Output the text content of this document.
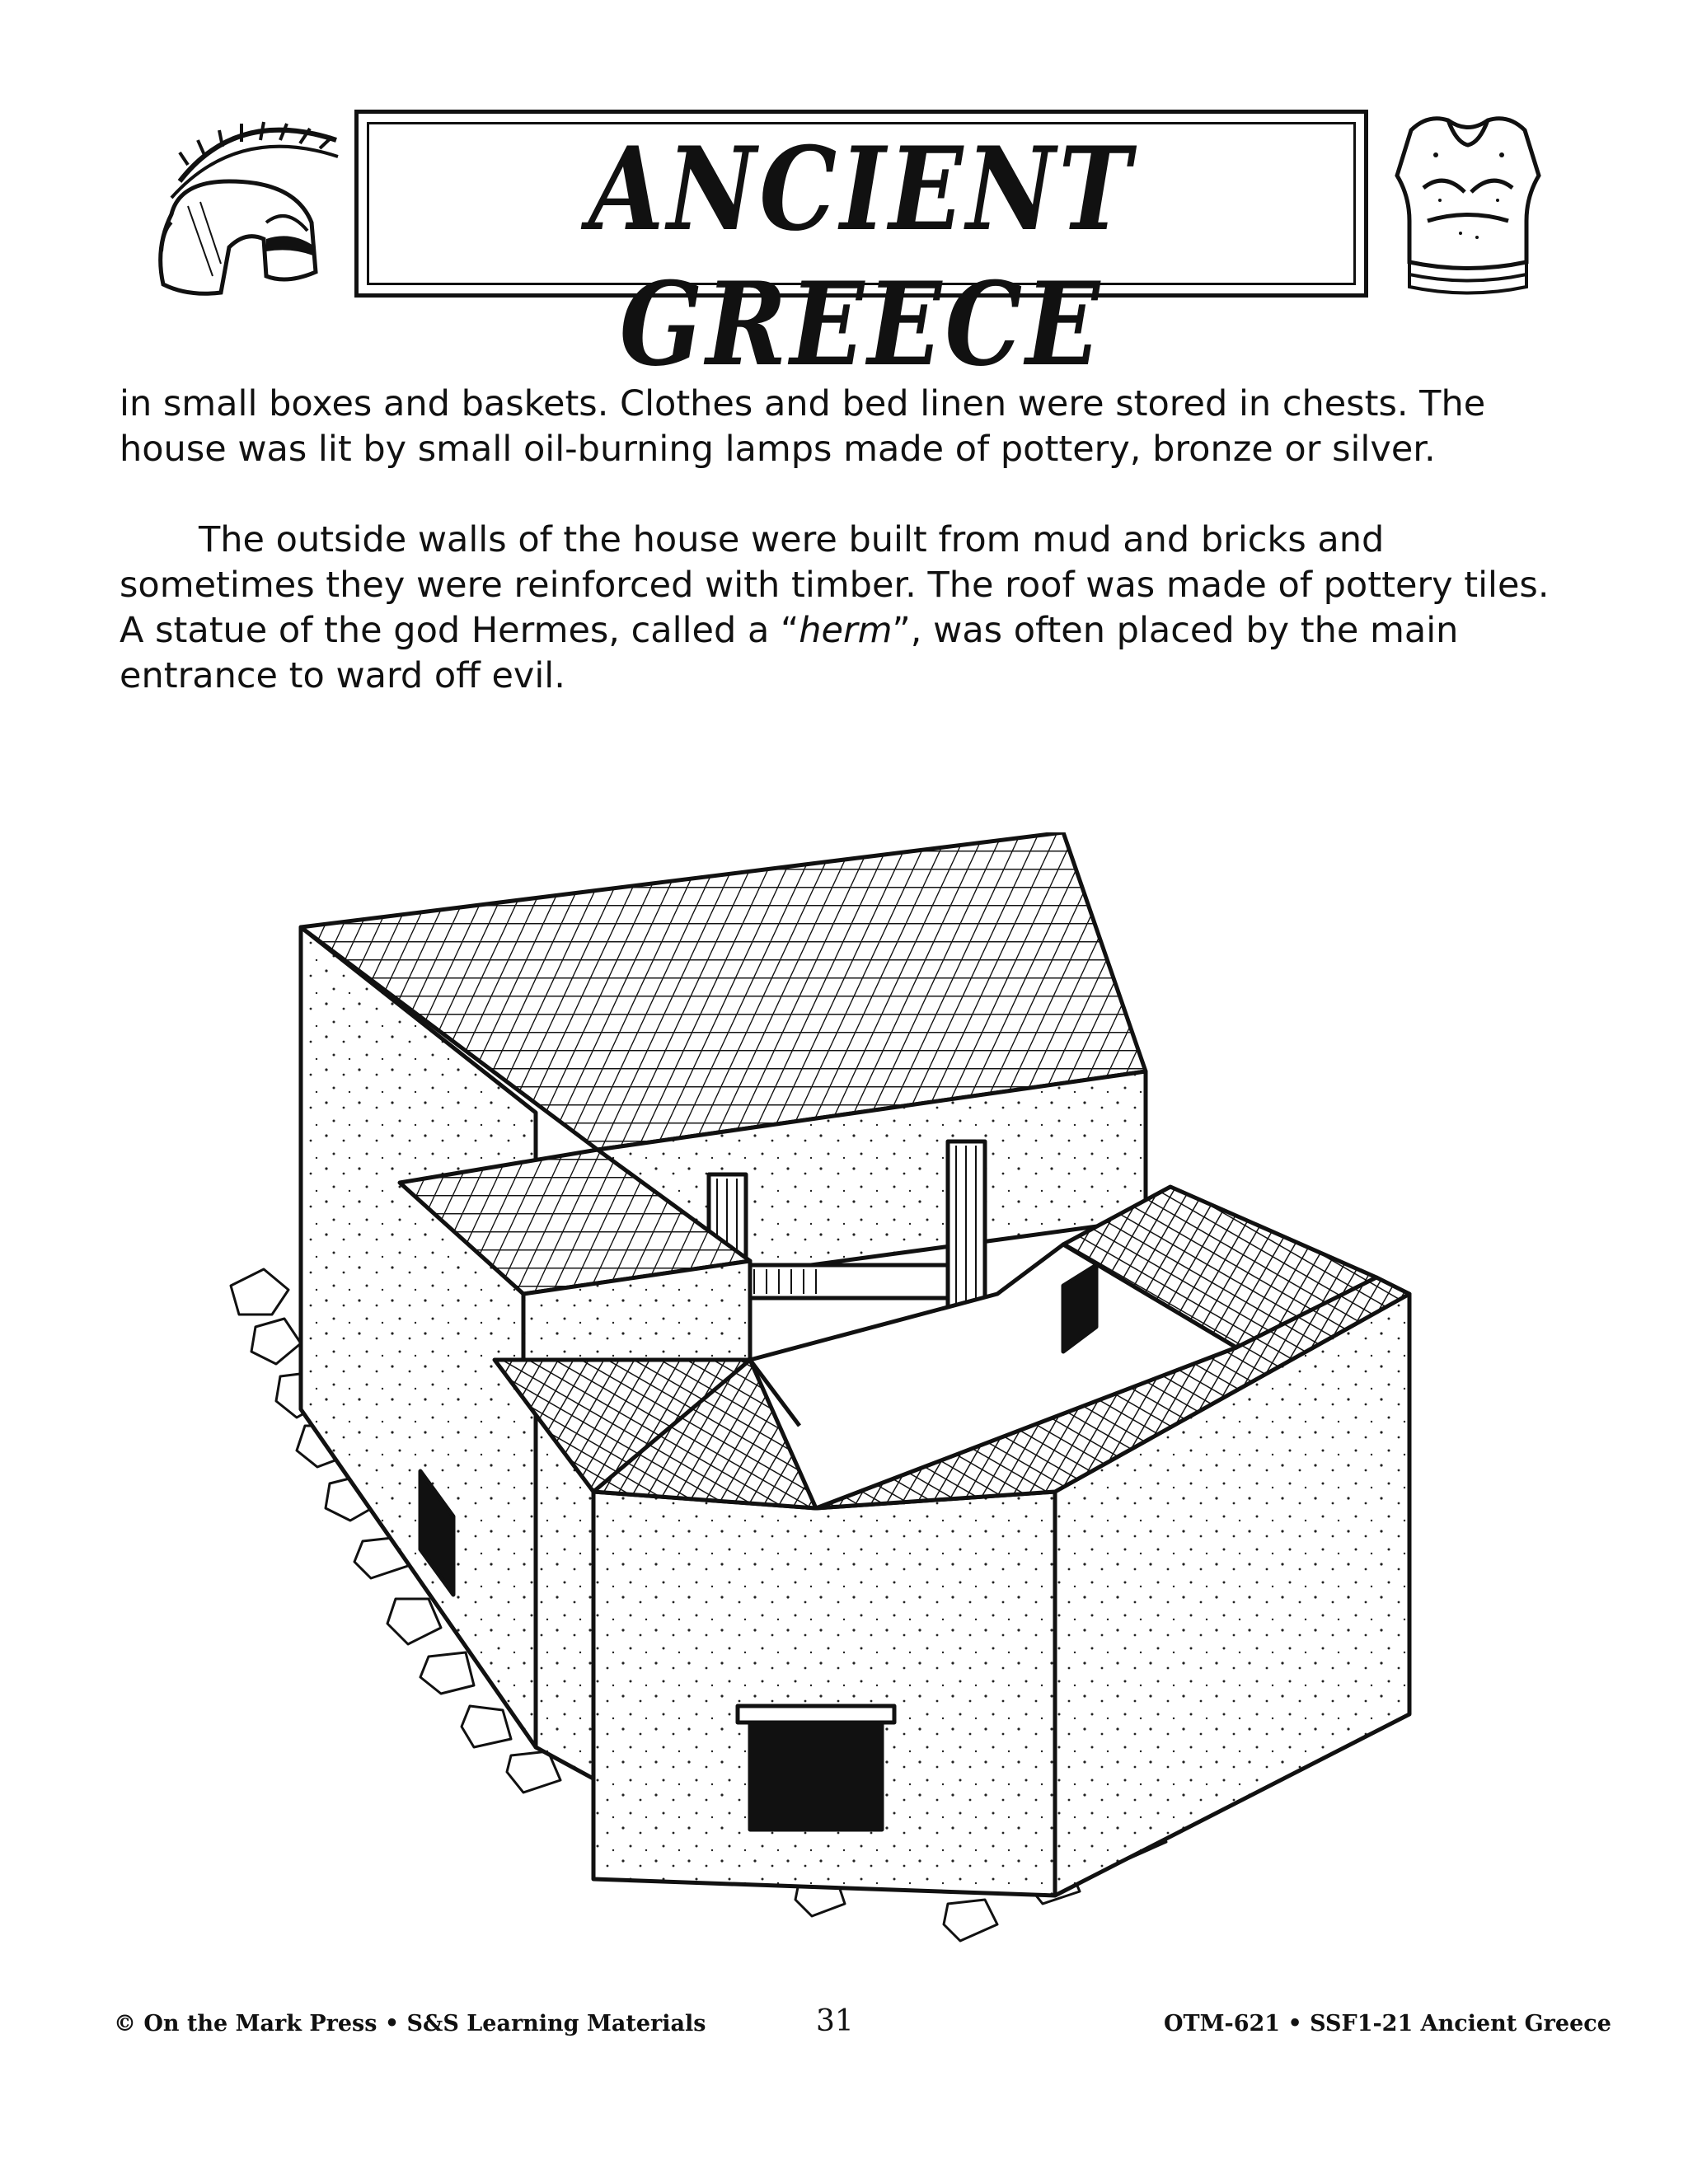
ANCIENT GREECE

in small boxes and baskets. Clothes and bed linen were stored in chests. The house was lit by small oil-burning lamps made of pottery, bronze or silver.

The outside walls of the house were built from mud and bricks and sometimes they were reinforced with timber. The roof was made of pottery tiles. A statue of the god Hermes, called a “herm”, was often placed by the main entrance to ward off evil.

© On the Mark Press • S&S Learning Materials	31	OTM-621 • SSF1-21 Ancient Greece
